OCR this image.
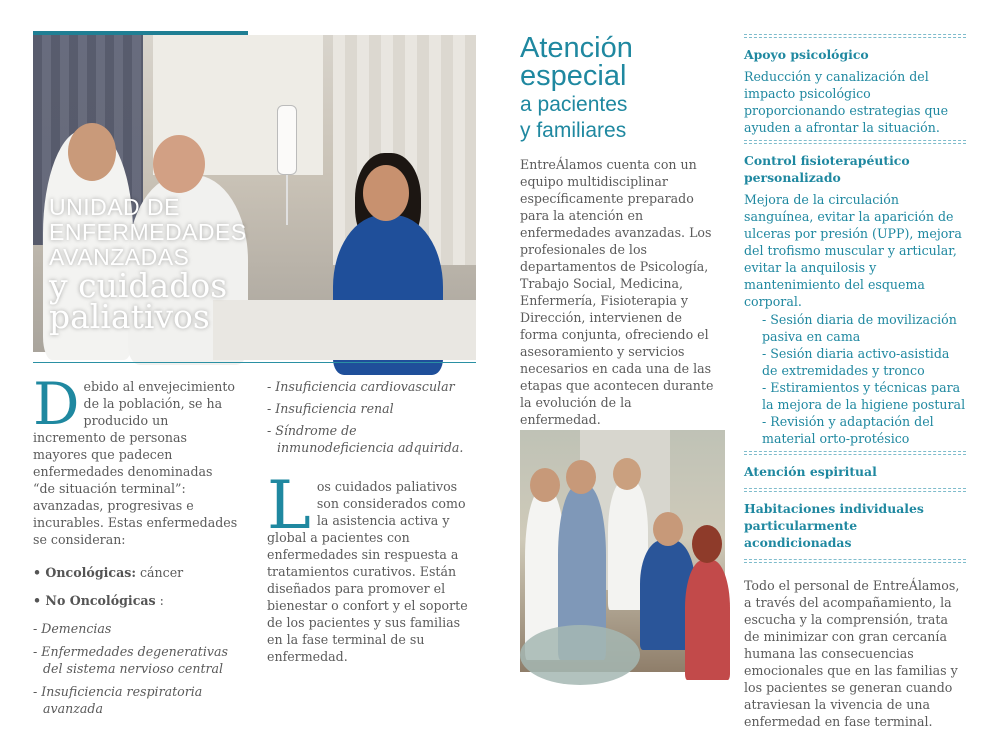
UNIDAD DE
ENFERMEDADES
AVANZADAS
y cuidados
paliativos
Debido al envejecimiento de la población, se ha producido un incremento de personas mayores que padecen enfermedades denominadas “de situación terminal”: avanzadas, progresivas e incurables. Estas enfermedades se consideran:
• Oncológicas: cáncer
• No Oncológicas :
- Demencias
- Enfermedades degenerativas del sistema nervioso central
- Insuficiencia respiratoria avanzada
- Insuficiencia cardiovascular
- Insuficiencia renal
- Síndrome de inmunodeficiencia adquirida.
Los cuidados paliativos son considerados como la asistencia activa y global a pacientes con enfermedades sin respuesta a tratamientos curativos. Están diseñados para promover el bienestar o confort y el soporte de los pacientes y sus familias en la fase terminal de su enfermedad.
Atención
especial
a pacientes
y familiares
EntreÁlamos cuenta con un equipo multidisciplinar específicamente preparado para la atención en enfermedades avanzadas. Los profesionales de los departamentos de Psicología, Trabajo Social, Medicina, Enfermería, Fisioterapia y Dirección, intervienen de forma conjunta, ofreciendo el asesoramiento y servicios necesarios en cada una de las etapas que acontecen durante la evolución de la enfermedad.
Apoyo psicológico
Reducción y canalización del impacto psicológico proporcionando estrategias que ayuden a afrontar la situación.
Control fisioterapéutico personalizado
Mejora de la circulación sanguínea, evitar la aparición de ulceras por presión (UPP), mejora del trofismo muscular y articular, evitar la anquilosis y mantenimiento del esquema corporal.
- Sesión diaria de movilización pasiva en cama
- Sesión diaria activo-asistida de extremidades y tronco
- Estiramientos y técnicas para la mejora de la higiene postural
- Revisión y adaptación del material orto-protésico
Atención espiritual
Habitaciones individuales particularmente acondicionadas
Todo el personal de EntreÁlamos, a través del acompañamiento, la escucha y la comprensión, trata de minimizar con gran cercanía humana las consecuencias emocionales que en las familias y los pacientes se generan cuando atraviesan la vivencia de una enfermedad en fase terminal.
